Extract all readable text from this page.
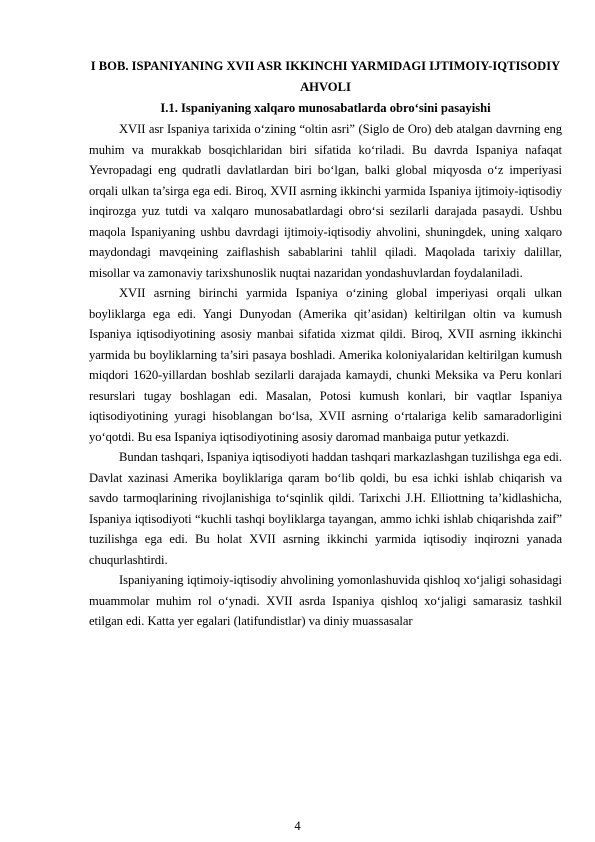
I BOB. ISPANIYANING XVII ASR IKKINCHI YARMIDAGI IJTIMOIY-IQTISODIY AHVOLI

I.1. Ispaniyaning xalqaro munosabatlarda obro‘sini pasayishi

XVII asr Ispaniya tarixida o‘zining “oltin asri” (Siglo de Oro) deb atalgan davrning eng muhim va murakkab bosqichlaridan biri sifatida ko‘riladi. Bu davrda Ispaniya nafaqat Yevropadagi eng qudratli davlatlardan biri bo‘lgan, balki global miqyosda o‘z imperiyasi orqali ulkan ta’sirga ega edi. Biroq, XVII asrning ikkinchi yarmida Ispaniya ijtimoiy-iqtisodiy inqirozga yuz tutdi va xalqaro munosabatlardagi obro‘si sezilarli darajada pasaydi. Ushbu maqola Ispaniyaning ushbu davrdagi ijtimoiy-iqtisodiy ahvolini, shuningdek, uning xalqaro maydondagi mavqeining zaiflashish sabablarini tahlil qiladi. Maqolada tarixiy dalillar, misollar va zamonaviy tarixshunoslik nuqtai nazaridan yondashuvlardan foydalaniladi.

XVII asrning birinchi yarmida Ispaniya o‘zining global imperiyasi orqali ulkan boyliklarga ega edi. Yangi Dunyodan (Amerika qit’asidan) keltirilgan oltin va kumush Ispaniya iqtisodiyotining asosiy manbai sifatida xizmat qildi. Biroq, XVII asrning ikkinchi yarmida bu boyliklarning ta’siri pasaya boshladi. Amerika koloniyalaridan keltirilgan kumush miqdori 1620-yillardan boshlab sezilarli darajada kamaydi, chunki Meksika va Peru konlari resurslari tugay boshlagan edi. Masalan, Potosi kumush konlari, bir vaqtlar Ispaniya iqtisodiyotining yuragi hisoblangan bo‘lsa, XVII asrning o‘rtalariga kelib samaradorligini yo‘qotdi. Bu esa Ispaniya iqtisodiyotining asosiy daromad manbaiga putur yetkazdi.

Bundan tashqari, Ispaniya iqtisodiyoti haddan tashqari markazlashgan tuzilishga ega edi. Davlat xazinasi Amerika boyliklariga qaram bo‘lib qoldi, bu esa ichki ishlab chiqarish va savdo tarmoqlarining rivojlanishiga to‘sqinlik qildi. Tarixchi J.H. Elliottning ta’kidlashicha, Ispaniya iqtisodiyoti “kuchli tashqi boyliklarga tayangan, ammo ichki ishlab chiqarishda zaif” tuzilishga ega edi. Bu holat XVII asrning ikkinchi yarmida iqtisodiy inqirozni yanada chuqurlashtirdi.

Ispaniyaning iqtimoiy-iqtisodiy ahvolining yomonlashuvida qishloq xo‘jaligi sohasidagi muammolar muhim rol o‘ynadi. XVII asrda Ispaniya qishloq xo‘jaligi samarasiz tashkil etilgan edi. Katta yer egalari (latifundistlar) va diniy muassasalar

4
